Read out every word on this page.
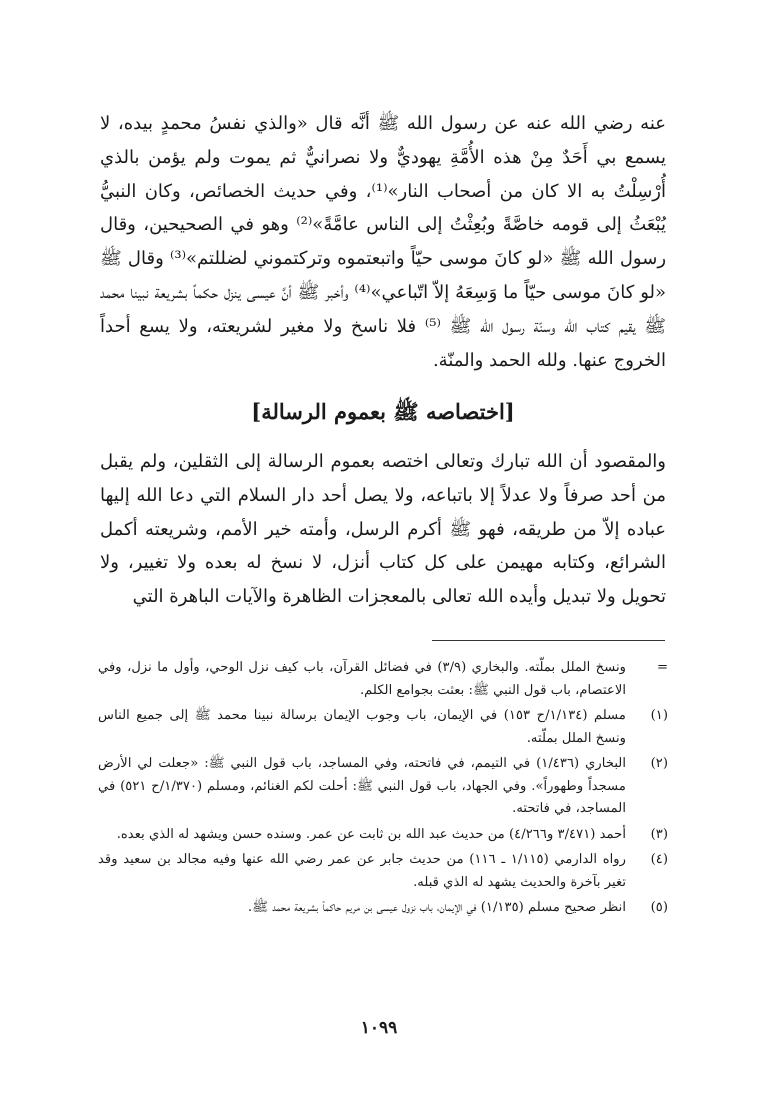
عنه رضي الله عنه عن رسول الله ﷺ أنَّه قال «والذي نفسُ محمدٍ بيده، لا يسمع بي أَحَدٌ مِنْ هذه الأُمَّةِ يهوديٌّ ولا نصرانيٌّ ثم يموت ولم يؤمن بالذي أُرْسِلْتُ به الا كان من أصحاب النار»⁽¹⁾، وفي حديث الخصائص، وكان النبيُّ يُبْعَثُ إلى قومه خاصَّةً وبُعِثْتُ إلى الناس عامَّةً»⁽²⁾ وهو في الصحيحين، وقال رسول الله ﷺ «لو كانَ موسى حيّاً واتبعتموه وتركتموني لضللتم»⁽³⁾ وقال ﷺ «لو كانَ موسى حيّاً ما وَسِعَهُ إلاّ اتّباعي»⁽⁴⁾ وأخبر ﷺ أنَّ عيسى ينزل حكماً بشريعة نبينا محمد ﷺ يقيم كتاب الله وسنّة رسول الله ﷺ ⁽⁵⁾ فلا ناسخ ولا مغير لشريعته، ولا يسع أحداً الخروج عنها. ولله الحمد والمنّة.

[اختصاصه ﷺ بعموم الرسالة]

والمقصود أن الله تبارك وتعالى اختصه بعموم الرسالة إلى الثقلين، ولم يقبل من أحد صرفاً ولا عدلاً إلا باتباعه، ولا يصل أحد دار السلام التي دعا الله إليها عباده إلاّ من طريقه، فهو ﷺ أكرم الرسل، وأمته خير الأمم، وشريعته أكمل الشرائع، وكتابه مهيمن على كل كتاب أنزل، لا نسخ له بعده ولا تغيير، ولا تحويل ولا تبديل وأيده الله تعالى بالمعجزات الظاهرة والآيات الباهرة التي

=
ونسخ الملل بملّته. والبخاري (٣/٩) في فضائل القرآن، باب كيف نزل الوحي، وأول ما نزل، وفي الاعتصام، باب قول النبي ﷺ: بعثت بجوامع الكلم.
(١)
مسلم (١/١٣٤/ح ١٥٣) في الإيمان، باب وجوب الإيمان برسالة نبينا محمد ﷺ إلى جميع الناس ونسخ الملل بملّته.
(٢)
البخاري (١/٤٣٦) في التيمم، في فاتحته، وفي المساجد، باب قول النبي ﷺ: «جعلت لي الأرض مسجداً وطهوراً». وفي الجهاد، باب قول النبي ﷺ: أحلت لكم الغنائم، ومسلم (١/٣٧٠/ح ٥٢١) في المساجد، في فاتحته.
(٣)
أحمد (٣/٤٧١ و٤/٢٦٦) من حديث عبد الله بن ثابت عن عمر. وسنده حسن ويشهد له الذي بعده.
(٤)
رواه الدارمي (١/١١٥ ـ ١١٦) من حديث جابر عن عمر رضي الله عنها وفيه مجالد بن سعيد وقد تغير بآخرة والحديث يشهد له الذي قبله.
(٥)
انظر صحيح مسلم (١/١٣٥) في الإيمان، باب نزول عيسى بن مريم حاكماً بشريعة محمد ﷺ.
١٠٩٩
